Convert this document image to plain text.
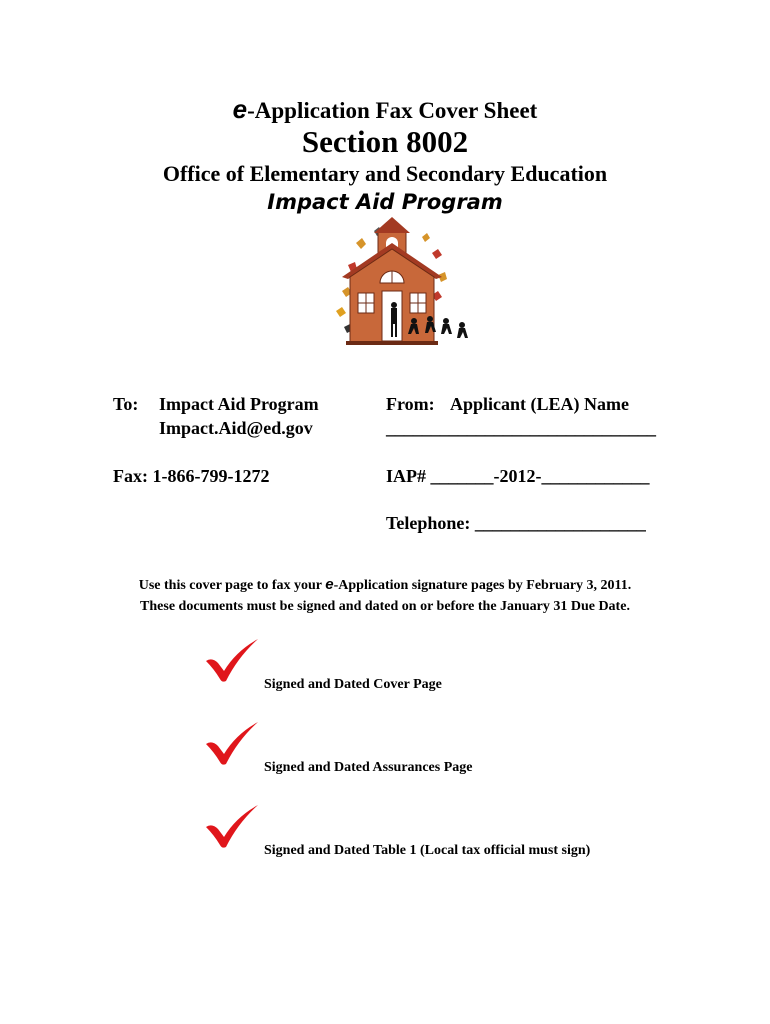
e-Application Fax Cover Sheet
Section 8002
Office of Elementary and Secondary Education
Impact Aid Program
To: Impact Aid Program
Impact.Aid@ed.gov
From: Applicant (LEA) Name
______________________________
Fax: 1-866-799-1272	IAP# _______-2012-____________
Telephone: ___________________
Use this cover page to fax your e-Application signature pages by February 3, 2011.
These documents must be signed and dated on or before the January 31 Due Date.
Signed and Dated Cover Page
Signed and Dated Assurances Page
Signed and Dated Table 1 (Local tax official must sign)
